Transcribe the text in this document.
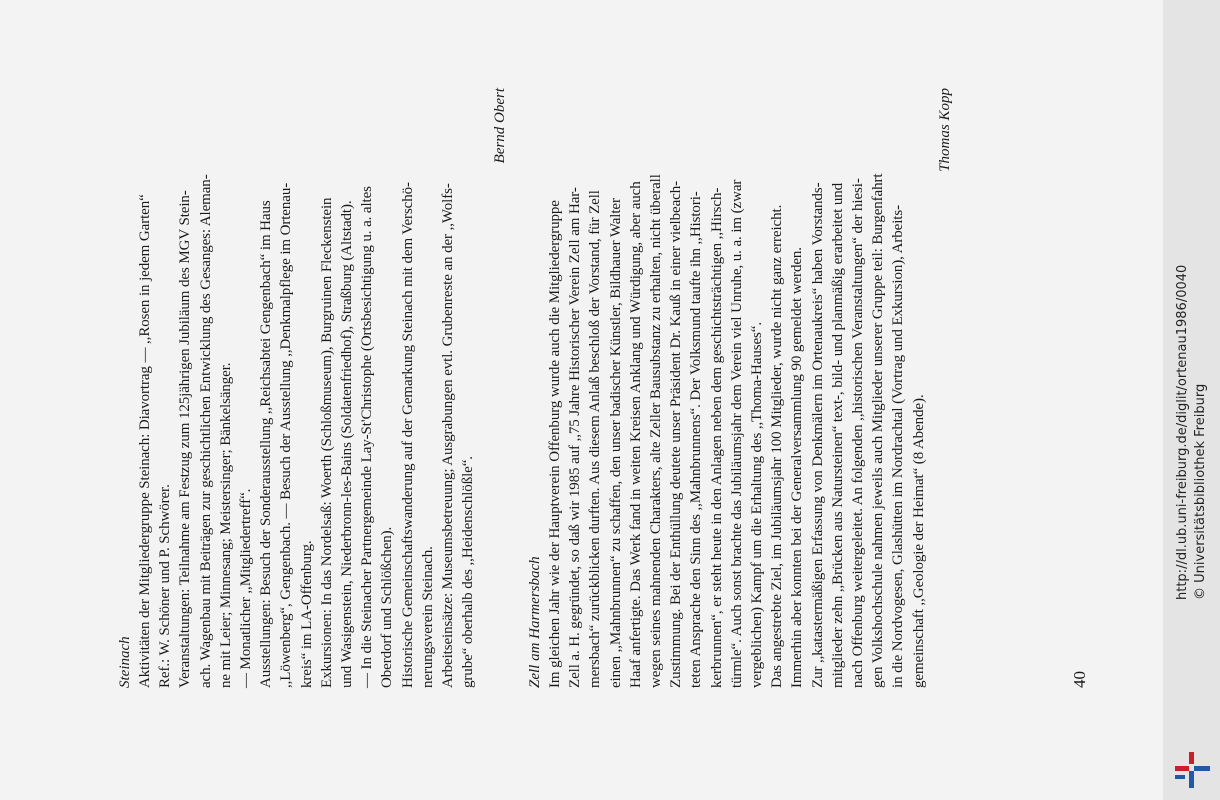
Steinach Aktivitäten der Mitgliedergruppe Steinach: Diavortrag — ,,Rosen in jedem Garten“ Ref.: W. Schöner und P. Schwörer. Veranstaltungen: Teilnahme am Festzug zum 125jährigen Jubiläum des MGV Stein- ach. Wagenbau mit Beiträgen zur geschichtlichen Entwicklung des Gesanges: Aleman- ne mit Leier; Minnesang; Meistersinger; Bänkelsänger. — Monatlicher ,,Mitgliedertreff“. Ausstellungen: Besuch der Sonderausstellung ,,Reichsabtei Gengenbach“ im Haus ,,Löwenberg“, Gengenbach. — Besuch der Ausstellung ,,Denkmalpflege im Ortenau- kreis“ im LA-Offenburg. Exkursionen: In das Nordelsaß: Woerth (Schloßmuseum), Burgruinen Fleckenstein und Wasigenstein, Niederbronn-les-Bains (Soldatenfriedhof), Straßburg (Altstadt). — In die Steinacher Partnergemeinde Lay-St'Christophe (Ortsbesichtigung u. a. altes Oberdorf und Schlößchen). Historische Gemeinschaftswanderung auf der Gemarkung Steinach mit dem Verschö- nerungsverein Steinach. Arbeitseinsätze: Museumsbetreuung; Ausgrabungen evtl. Grubenreste an der ,,Wolfs- grube“ oberhalb des ,,Heidenschlößle“.
Bernd Obert
Zell am Harmersbach Im gleichen Jahr wie der Hauptverein Offenburg wurde auch die Mitgliedergruppe Zell a. H. gegründet, so daß wir 1985 auf ,,75 Jahre Historischer Verein Zell am Har- mersbach“ zurückblicken durften. Aus diesem Anlaß beschloß der Vorstand, für Zell einen ,,Mahnbrunnen“ zu schaffen, den unser badischer Künstler, Bildhauer Walter Haaf anfertigte. Das Werk fand in weiten Kreisen Anklang und Würdigung, aber auch wegen seines mahnenden Charakters, alte Zeller Bausubstanz zu erhalten, nicht überall Zustimmung. Bei der Enthüllung deutete unser Präsident Dr. Kauß in einer vielbeach- teten Ansprache den Sinn des ,,Mahnbrunnens“. Der Volksmund taufte ihn ,,Histori- kerbrunnen“, er steht heute in den Anlagen neben dem geschichtsträchtigen ,,Hirsch- türmle“. Auch sonst brachte das Jubiläumsjahr dem Verein viel Unruhe, u. a. im (zwar vergeblichen) Kampf um die Erhaltung des ,,Thoma-Hauses“. Das angestrebte Ziel, im Jubiläumsjahr 100 Mitglieder, wurde nicht ganz erreicht. Immerhin aber konnten bei der Generalversammlung 90 gemeldet werden. Zur ,,katastermäßigen Erfassung von Denkmälern im Ortenaukreis“ haben Vorstands- mitglieder zehn ,,Brücken aus Natursteinen“ text-, bild- und planmäßig erarbeitet und nach Offenburg weitergeleitet. An folgenden ,,historischen Veranstaltungen“ der hiesi- gen Volkshochschule nahmen jeweils auch Mitglieder unserer Gruppe teil: Burgenfahrt in die Nordvogesen, Glashütten im Nordrachtal (Vortrag und Exkursion), Arbeits- gemeinschaft ,,Geologie der Heimat“ (8 Abende).
Thomas Kopp
40
http://dl.ub.uni-freiburg.de/diglit/ortenau1986/0040 © Universitätsbibliothek Freiburg
